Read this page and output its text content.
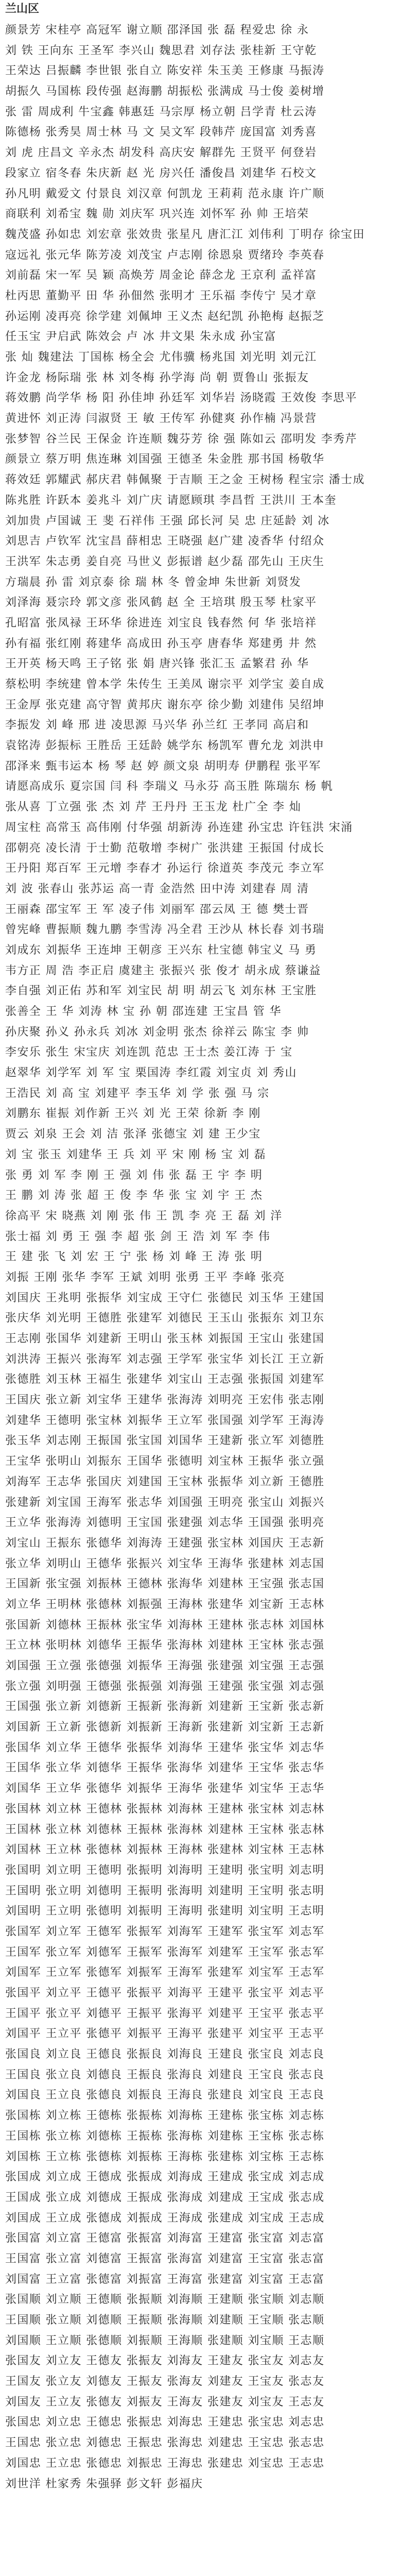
兰山区
颜景芳 宋桂亭 高冠军 谢立顺 邵泽国 张 磊 程爱忠 徐 永
刘 铁 王向东 王圣军 李兴山 魏思君 刘存法 张桂新 王守乾
王荣达 吕振麟 李世银 张自立 陈安祥 朱玉美 王修康 马振涛
胡振久 马国栋 段传强 赵海鹏 胡振松 张满成 马士俊 姜树增
张 雷 周成利 牛宝鑫 韩惠廷 马宗厚 杨立朝 吕学青 杜云涛
陈德杨 张秀昊 周士林 马 文 吴文军 段韩芹 庞国富 刘秀喜
刘 虎 庄昌文 辛永杰 胡发科 高庆安 解群先 王贤平 何登岩
段家立 宿冬春 朱庆新 赵 光 房兴任 潘俊昌 刘建华 石校文
孙凡明 戴爱文 付景良 刘汉章 何凯龙 王莉莉 范永康 许广顺
商联利 刘希宝 魏 勋 刘庆军 巩兴连 刘怀军 孙 帅 王培荣
魏茂盛 孙如忠 刘宏章 张效贵 张星凡 唐汇江 刘伟利 丁明存 徐宝田
寇远礼 张元华 陈芳凌 刘茂宝 卢志刚 徐恩泉 贾绪玲 李英春
刘前磊 宋一军 吴 颖 高焕芳 周金论 薛念龙 王京利 孟祥富
杜丙思 董勤平 田 华 孙佃然 张明才 王乐福 李传宁 吴才章
孙运刚 凌再亮 徐学建 刘佩坤 王义杰 赵纪凯 孙艳梅 赵振芝
任玉宝 尹启武 陈效会 卢 冰 井文果 朱永成 孙宝富
张 灿 魏建法 丁国栋 杨全会 尤伟骥 杨兆国 刘光明 刘元江
许金龙 杨际瑞 张 林 刘冬梅 孙学海 尚 朝 贾鲁山 张振友
蒋效鹏 尚学华 杨 阳 孙佳坤 孙廷军 刘华岩 汤晓霞 王效俊 李思平
黄进怀 刘正涛 闫淑贤 王 敏 王传军 孙健爽 孙作楠 冯景营
张梦智 谷兰民 王保金 许连顺 魏芬芳 徐 强 陈如云 邵明发 李秀芹
颜景立 蔡万明 焦连琳 刘国强 王德圣 朱金胜 那书国 杨敬华
蒋效廷 郭耀武 郝庆君 韩佩聚 于吉顺 王之金 王树杨 程宝宗 潘士成
陈兆胜 许跃本 姜兆斗 刘广庆 请愿顾琪 李昌哲 王洪川 王本奎
刘加贵 卢国诚 王 斐 石祥伟 王强 邱长河 吴 忠 庄延龄 刘 冰
刘思吉 卢钦军 沈宝昌 薛相忠 王晓强 赵广建 凌香华 付绍众
王洪军 朱志勇 姜自亮 马世义 彭振谱 赵少磊 邵先山 王庆生
方瑞晨 孙 雷 刘京泰 徐 瑞 林 冬 曾金坤 朱世新 刘贤发
刘泽海 聂宗玲 郭文彦 张风鹤 赵 全 王培琪 殷玉琴 杜家平
孔昭富 张凤禄 王环华 徐进连 刘宝良 钱春然 何 华 张培祥
孙有福 张红刚 蒋建华 高成田 孙玉亭 唐春华 郑建勇 井 然
王开英 杨天鸣 王子铭 张 娟 唐兴锋 张汇玉 孟繁君 孙 华
蔡松明 李统建 曾本学 朱传生 王美凤 谢宗平 刘学宝 姜自成
王金厚 张克建 高守智 黄邦庆 谢东亭 徐少勤 刘建伟 吴绍坤
李振发 刘 峰 邢 进 凌思源 马兴华 孙兰红 王孝同 高启和
袁铭涛 彭振标 王胜岳 王廷龄 姚学东 杨凯军 曹允龙 刘洪申
邵泽来 甄韦运本 杨 琴 赵 婷 颜文泉 胡明寿 伊鹏程 张平军
请愿高成乐 夏宗国 闫 科 李瑞义 马永芬 高玉胜 陈瑞东 杨 帆
张从喜 丁立强 张 杰 刘 芹 王丹丹 王玉龙 杜广全 李 灿
周宝柱 高常玉 高伟刚 付华强 胡新涛 孙连建 孙宝忠 许钰洪 宋涌
邵朝亮 凌长清 于士勤 范敬增 李树广 张洪建 王振国 付成长
王丹阳 郑百军 王元增 李春才 孙运行 徐道英 李茂元 李立军
刘 波 张春山 张苏运 高一青 金浩然 田中涛 刘建春 周 清
王丽森 邵宝军 王 军 凌子伟 刘丽军 邵云凤 王 德 樊士晋
曾宪峰 曹振顺 魏九鹏 李雪涛 冯全君 王沙从 林长春 刘书瑞
刘成东 刘振华 王连坤 王朝彦 王兴东 杜宝德 韩宝义 马 勇
韦方正 周 浩 李正启 虞建主 张振兴 张 俊才 胡永成 蔡谦益
李自强 刘正佑 苏和军 刘宝民 胡 明 胡云飞 刘东林 王宝胜
张善全 王 华 刘涛 林 宝 孙 朝 邵连建 王宝昌 管 华
孙庆聚 孙义 孙永兵 刘冰 刘金明 张杰 徐祥云 陈宝 李 帅
李安乐 张生 宋宝庆 刘连凯 范忠 王士杰 姜江涛 于 宝
赵翠华 刘学军 刘 军 宝 栗国涛 李红霞 刘宝贞 刘 秀山
王浩民 刘 高 宝 刘建平 李玉华 刘 学 张 强 马 宗
刘鹏东 崔振 刘作新 王兴 刘 光 王荣 徐新 李 刚
贾云 刘泉 王会 刘 洁 张泽 张德宝 刘 建 王少宝
刘 宝 张玉 刘建华 王 兵 刘 平 宋 刚 杨 宝 刘 磊
张 勇 刘 军 李 刚 王 强 刘 伟 张 磊 王 宇 李 明
王 鹏 刘 涛 张 超 王 俊 李 华 张 宝 刘 宇 王 杰
徐高平 宋 晓燕 刘 刚 张 伟 王 凯 李 亮 王 磊 刘 洋
张士福 刘 勇 王 强 李 超 张 剑 王 浩 刘 军 李 伟
王 建 张 飞 刘 宏 王 宁 张 杨 刘 峰 王 涛 张 明
刘振 王刚 张华 李军 王斌 刘明 张勇 王平 李峰 张亮
刘国庆 王兆明 张振华 刘宝成 王守仁 张德民 刘玉华 王建国
张庆华 刘光明 王德胜 张建军 刘德民 王玉山 张振东 刘卫东
王志刚 张国华 刘建新 王明山 张玉林 刘振国 王宝山 张建国
刘洪涛 王振兴 张海军 刘志强 王学军 张宝华 刘长江 王立新
张德胜 刘玉林 王福生 张建华 刘宝山 王志强 张振国 刘建军
王国庆 张立新 刘宝华 王建华 张海涛 刘明亮 王宏伟 张志刚
刘建华 王德明 张宝林 刘振华 王立军 张国强 刘学军 王海涛
张玉华 刘志刚 王振国 张宝国 刘国华 王建新 张立军 刘德胜
王宝华 张明山 刘振东 王国华 张德明 刘宝林 王振华 张立强
刘海军 王志华 张国庆 刘建国 王宝林 张振华 刘立新 王德胜
张建新 刘宝国 王海军 张志华 刘国强 王明亮 张宝山 刘振兴
王立华 张海涛 刘德明 王宝国 张建强 刘志华 王国强 张明亮
刘宝山 王振东 张德华 刘海涛 王建强 张宝林 刘国庆 王志新
张立华 刘明山 王德华 张振兴 刘宝华 王海华 张建林 刘志国
王国新 张宝强 刘振林 王德林 张海华 刘建林 王宝强 张志国
刘立华 王明林 张德林 刘振强 王海林 张建华 刘宝新 王志林
张国新 刘德林 王振林 张宝华 刘海林 王建林 张志林 刘国林
王立林 张明林 刘德华 王振华 张海林 刘建林 王宝林 张志强
刘国强 王立强 张德强 刘振华 王海强 张建强 刘宝强 王志强
张立强 刘明强 王德强 张振强 刘海强 王建强 张宝强 刘志强
王国强 张立新 刘德新 王振新 张海新 刘建新 王宝新 张志新
刘国新 王立新 张德新 刘振新 王海新 张建新 刘宝新 王志新
张国华 刘立华 王德华 张振华 刘海华 王建华 张宝华 刘志华
王国华 张立华 刘德华 王振华 张海华 刘建华 王宝华 张志华
刘国华 王立华 张德华 刘振华 王海华 张建华 刘宝华 王志华
张国林 刘立林 王德林 张振林 刘海林 王建林 张宝林 刘志林
王国林 张立林 刘德林 王振林 张海林 刘建林 王宝林 张志林
刘国林 王立林 张德林 刘振林 王海林 张建林 刘宝林 王志林
张国明 刘立明 王德明 张振明 刘海明 王建明 张宝明 刘志明
王国明 张立明 刘德明 王振明 张海明 刘建明 王宝明 张志明
刘国明 王立明 张德明 刘振明 王海明 张建明 刘宝明 王志明
张国军 刘立军 王德军 张振军 刘海军 王建军 张宝军 刘志军
王国军 张立军 刘德军 王振军 张海军 刘建军 王宝军 张志军
刘国军 王立军 张德军 刘振军 王海军 张建军 刘宝军 王志军
张国平 刘立平 王德平 张振平 刘海平 王建平 张宝平 刘志平
王国平 张立平 刘德平 王振平 张海平 刘建平 王宝平 张志平
刘国平 王立平 张德平 刘振平 王海平 张建平 刘宝平 王志平
张国良 刘立良 王德良 张振良 刘海良 王建良 张宝良 刘志良
王国良 张立良 刘德良 王振良 张海良 刘建良 王宝良 张志良
刘国良 王立良 张德良 刘振良 王海良 张建良 刘宝良 王志良
张国栋 刘立栋 王德栋 张振栋 刘海栋 王建栋 张宝栋 刘志栋
王国栋 张立栋 刘德栋 王振栋 张海栋 刘建栋 王宝栋 张志栋
刘国栋 王立栋 张德栋 刘振栋 王海栋 张建栋 刘宝栋 王志栋
张国成 刘立成 王德成 张振成 刘海成 王建成 张宝成 刘志成
王国成 张立成 刘德成 王振成 张海成 刘建成 王宝成 张志成
刘国成 王立成 张德成 刘振成 王海成 张建成 刘宝成 王志成
张国富 刘立富 王德富 张振富 刘海富 王建富 张宝富 刘志富
王国富 张立富 刘德富 王振富 张海富 刘建富 王宝富 张志富
刘国富 王立富 张德富 刘振富 王海富 张建富 刘宝富 王志富
张国顺 刘立顺 王德顺 张振顺 刘海顺 王建顺 张宝顺 刘志顺
王国顺 张立顺 刘德顺 王振顺 张海顺 刘建顺 王宝顺 张志顺
刘国顺 王立顺 张德顺 刘振顺 王海顺 张建顺 刘宝顺 王志顺
张国友 刘立友 王德友 张振友 刘海友 王建友 张宝友 刘志友
王国友 张立友 刘德友 王振友 张海友 刘建友 王宝友 张志友
刘国友 王立友 张德友 刘振友 王海友 张建友 刘宝友 王志友
张国忠 刘立忠 王德忠 张振忠 刘海忠 王建忠 张宝忠 刘志忠
王国忠 张立忠 刘德忠 王振忠 张海忠 刘建忠 王宝忠 张志忠
刘国忠 王立忠 张德忠 刘振忠 王海忠 张建忠 刘宝忠 王志忠
刘世洋 杜家秀 朱强驿 彭文轩 彭福庆
